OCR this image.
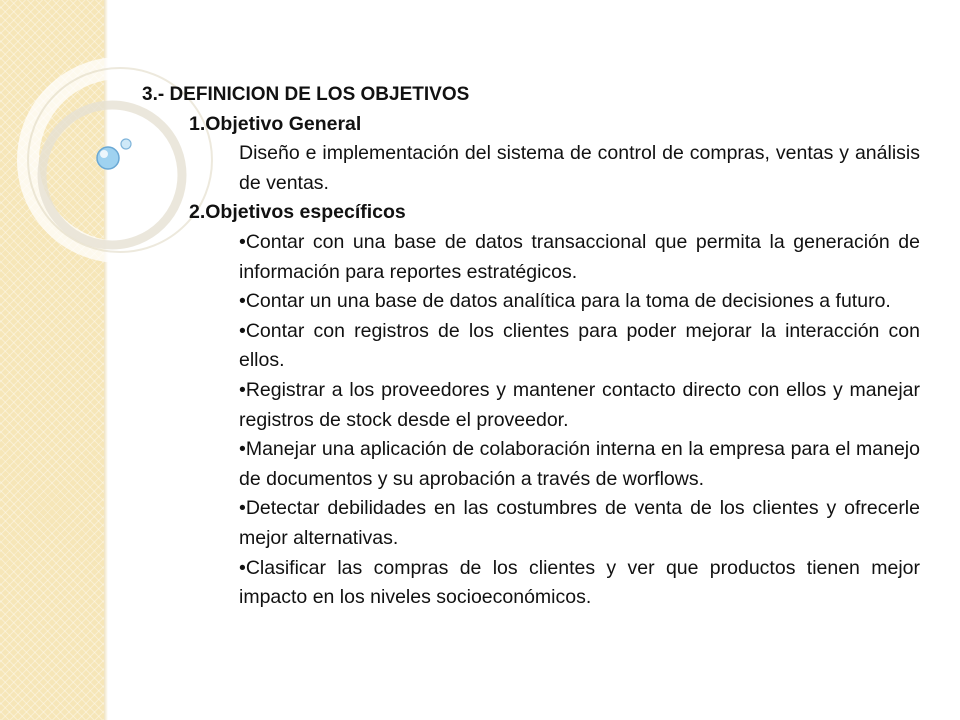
3.- DEFINICION DE LOS OBJETIVOS
1.Objetivo General
Diseño e implementación del sistema de control de compras, ventas y análisis de ventas.
2.Objetivos específicos
•Contar con una base de datos transaccional que permita la generación de información para reportes estratégicos.
•Contar un una base de datos analítica para la toma de decisiones a futuro.
•Contar con registros de los clientes para poder mejorar la interacción con ellos.
•Registrar a los proveedores y mantener contacto directo con ellos y manejar registros de stock desde el proveedor.
•Manejar una aplicación de colaboración interna en la empresa para el manejo de documentos y su aprobación a través de worflows.
•Detectar debilidades en las costumbres de venta de los clientes y ofrecerle mejor alternativas.
•Clasificar las compras de los clientes y ver que productos tienen mejor impacto en los niveles socioeconómicos.
